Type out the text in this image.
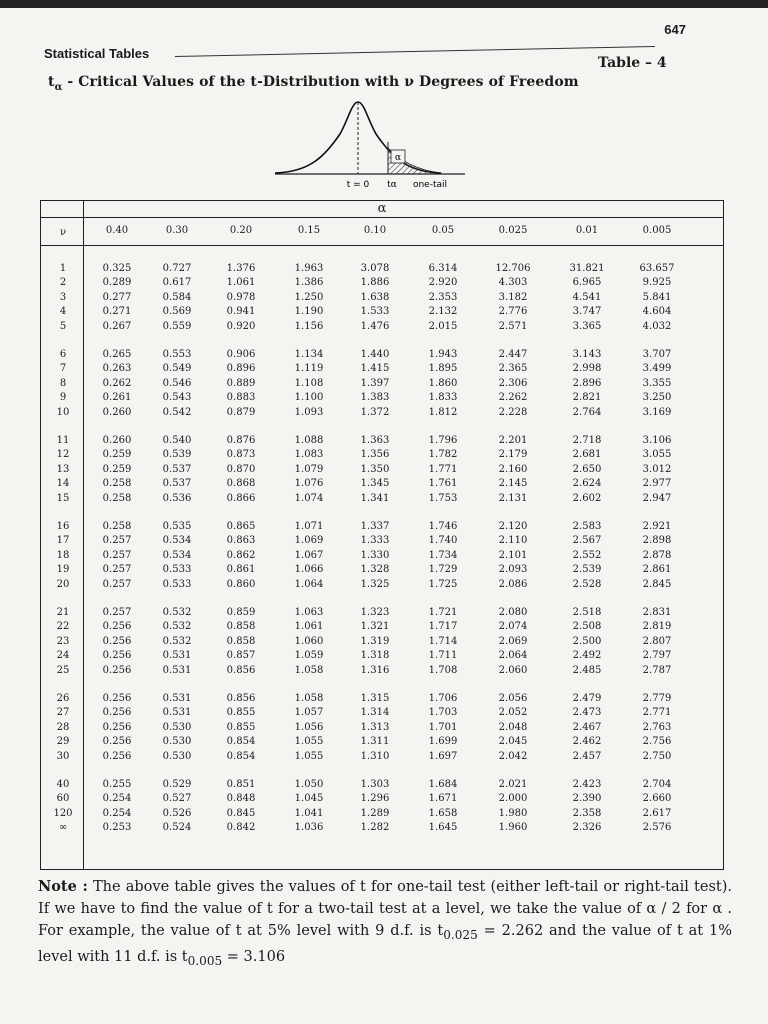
647
Statistical Tables
Table – 4
$t_\alpha$ - Critical Values of the t-Distribution with ν Degrees of Freedom
α
t = 0 tα one-tail
α
ν	0.40	0.30	0.20	0.15	0.10	0.05	0.025	0.01	0.005
1	0.325	0.727	1.376	1.963	3.078	6.314	12.706	31.821	63.657
2	0.289	0.617	1.061	1.386	1.886	2.920	4.303	6.965	9.925
3	0.277	0.584	0.978	1.250	1.638	2.353	3.182	4.541	5.841
4	0.271	0.569	0.941	1.190	1.533	2.132	2.776	3.747	4.604
5	0.267	0.559	0.920	1.156	1.476	2.015	2.571	3.365	4.032
6	0.265	0.553	0.906	1.134	1.440	1.943	2.447	3.143	3.707
7	0.263	0.549	0.896	1.119	1.415	1.895	2.365	2.998	3.499
8	0.262	0.546	0.889	1.108	1.397	1.860	2.306	2.896	3.355
9	0.261	0.543	0.883	1.100	1.383	1.833	2.262	2.821	3.250
10	0.260	0.542	0.879	1.093	1.372	1.812	2.228	2.764	3.169
11	0.260	0.540	0.876	1.088	1.363	1.796	2.201	2.718	3.106
12	0.259	0.539	0.873	1.083	1.356	1.782	2.179	2.681	3.055
13	0.259	0.537	0.870	1.079	1.350	1.771	2.160	2.650	3.012
14	0.258	0.537	0.868	1.076	1.345	1.761	2.145	2.624	2.977
15	0.258	0.536	0.866	1.074	1.341	1.753	2.131	2.602	2.947
16	0.258	0.535	0.865	1.071	1.337	1.746	2.120	2.583	2.921
17	0.257	0.534	0.863	1.069	1.333	1.740	2.110	2.567	2.898
18	0.257	0.534	0.862	1.067	1.330	1.734	2.101	2.552	2.878
19	0.257	0.533	0.861	1.066	1.328	1.729	2.093	2.539	2.861
20	0.257	0.533	0.860	1.064	1.325	1.725	2.086	2.528	2.845
21	0.257	0.532	0.859	1.063	1.323	1.721	2.080	2.518	2.831
22	0.256	0.532	0.858	1.061	1.321	1.717	2.074	2.508	2.819
23	0.256	0.532	0.858	1.060	1.319	1.714	2.069	2.500	2.807
24	0.256	0.531	0.857	1.059	1.318	1.711	2.064	2.492	2.797
25	0.256	0.531	0.856	1.058	1.316	1.708	2.060	2.485	2.787
26	0.256	0.531	0.856	1.058	1.315	1.706	2.056	2.479	2.779
27	0.256	0.531	0.855	1.057	1.314	1.703	2.052	2.473	2.771
28	0.256	0.530	0.855	1.056	1.313	1.701	2.048	2.467	2.763
29	0.256	0.530	0.854	1.055	1.311	1.699	2.045	2.462	2.756
30	0.256	0.530	0.854	1.055	1.310	1.697	2.042	2.457	2.750
40	0.255	0.529	0.851	1.050	1.303	1.684	2.021	2.423	2.704
60	0.254	0.527	0.848	1.045	1.296	1.671	2.000	2.390	2.660
120	0.254	0.526	0.845	1.041	1.289	1.658	1.980	2.358	2.617
∞	0.253	0.524	0.842	1.036	1.282	1.645	1.960	2.326	2.576
Note : The above table gives the values of t for one-tail test (either left-tail or right-tail test). If we have to find the value of t for a two-tail test at a level, we take the value of α / 2 for α . For example, the value of t at 5% level with 9 d.f. is $t_{0.025} = 2.262$ and the value of t at 1% level with 11 d.f. is $t_{0.005} = 3.106$
